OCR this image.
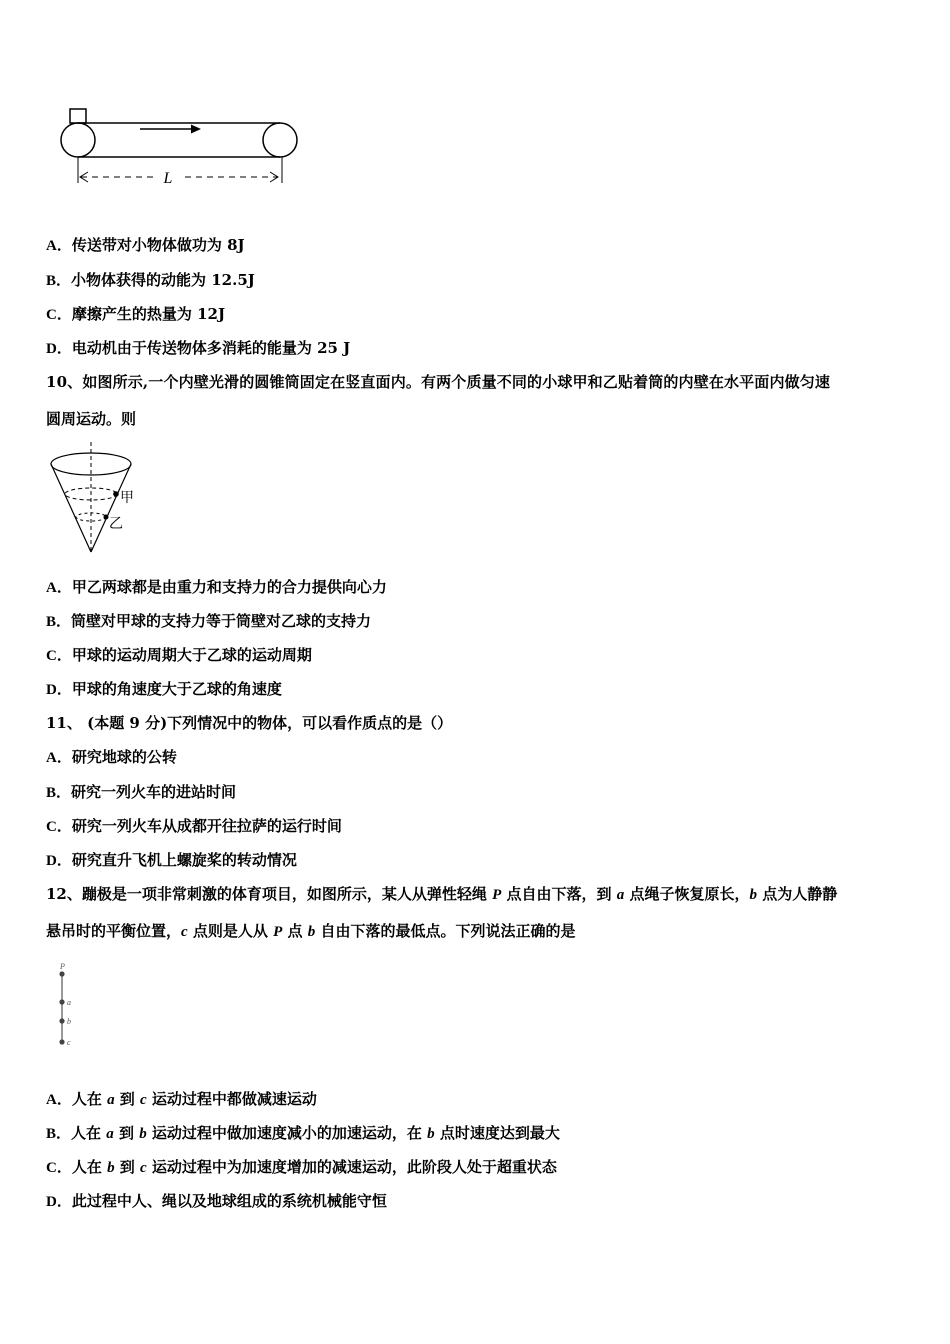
L
A．传送带对小物体做功为 8J
B．小物体获得的动能为 12.5J
C．摩擦产生的热量为 12J
D．电动机由于传送物体多消耗的能量为 25 J
10、如图所示,一个内壁光滑的圆锥筒固定在竖直面内。有两个质量不同的小球甲和乙贴着筒的内壁在水平面内做匀速
圆周运动。则
甲
乙
A．甲乙两球都是由重力和支持力的合力提供向心力
B．筒壁对甲球的支持力等于筒壁对乙球的支持力
C．甲球的运动周期大于乙球的运动周期
D．甲球的角速度大于乙球的角速度
11、 (本题 9 分)下列情况中的物体，可以看作质点的是（）
A．研究地球的公转
B．研究一列火车的进站时间
C．研究一列火车从成都开往拉萨的运行时间
D．研究直升飞机上螺旋桨的转动情况
12、蹦极是一项非常刺激的体育项目，如图所示，某人从弹性轻绳 P 点自由下落，到 a 点绳子恢复原长，b 点为人静静
悬吊时的平衡位置，c 点则是人从 P 点 b 自由下落的最低点。下列说法正确的是
P
a
b
c
A．人在 a 到 c 运动过程中都做减速运动
B．人在 a 到 b 运动过程中做加速度减小的加速运动，在 b 点时速度达到最大
C．人在 b 到 c 运动过程中为加速度增加的减速运动，此阶段人处于超重状态
D．此过程中人、绳以及地球组成的系统机械能守恒
